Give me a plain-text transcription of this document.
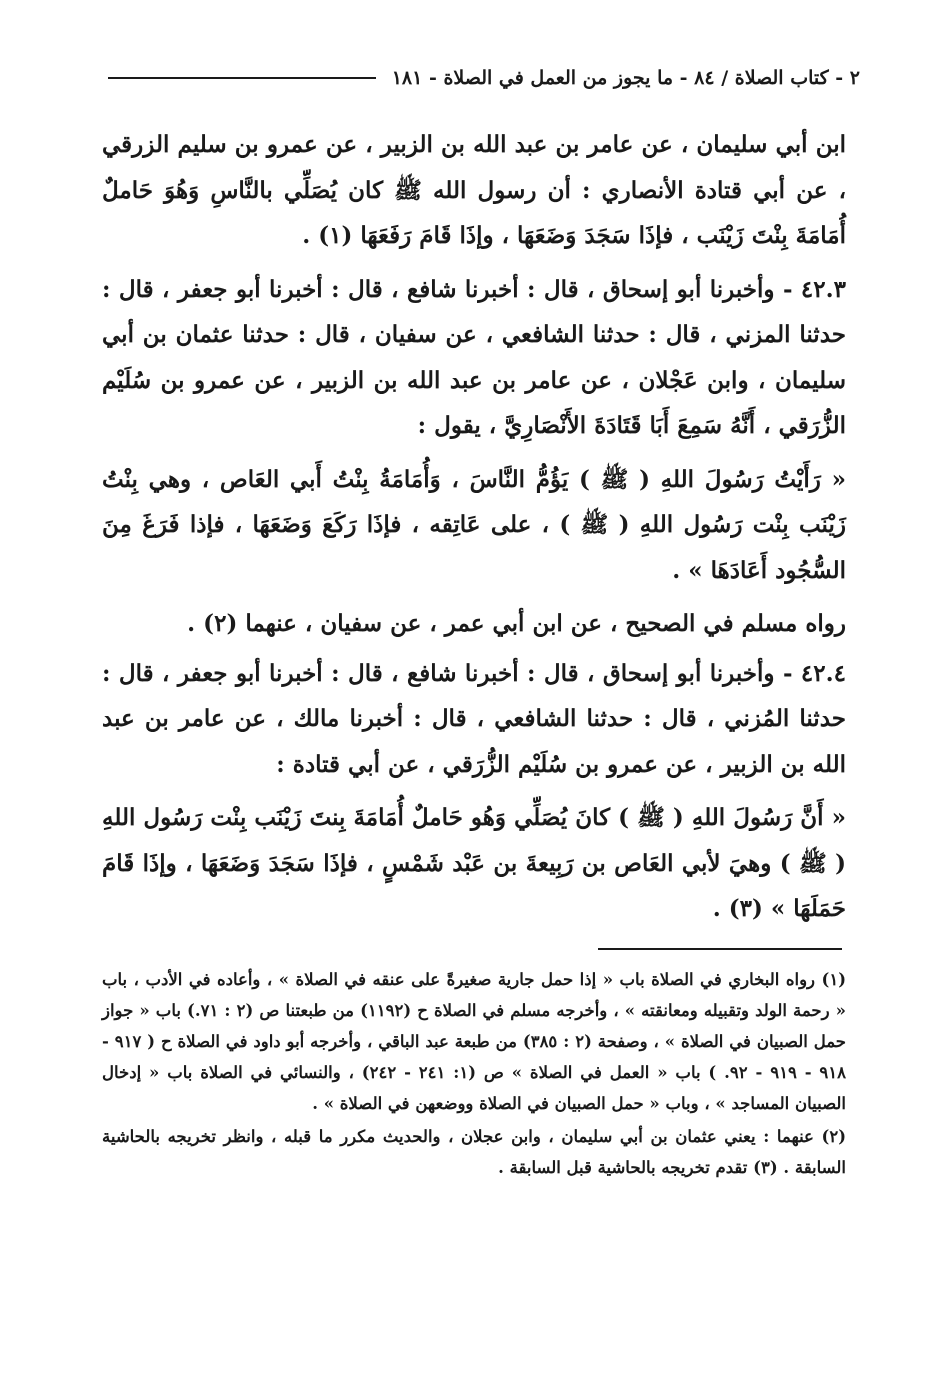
٢ - كتاب الصلاة / ٨٤ - ما يجوز من العمل في الصلاة - ١٨١

ابن أبي سليمان ، عن عامر بن عبد الله بن الزبير ، عن عمرو بن سليم الزرقي ، عن أبي قتادة الأنصاري : أن رسول الله ﷺ كان يُصَلِّي بالنَّاسِ وَهُوَ حَاملٌ أُمَامَةَ بِنْتَ زَيْنَب ، فإذَا سَجَدَ وَضَعَهَا ، وإذَا قَامَ رَفَعَهَا (١) .

٤٢.٣ - وأخبرنا أبو إسحاق ، قال : أخبرنا شافع ، قال : أخبرنا أبو جعفر ، قال : حدثنا المزني ، قال : حدثنا الشافعي ، عن سفيان ، قال : حدثنا عثمان بن أبي سليمان ، وابن عَجْلان ، عن عامر بن عبد الله بن الزبير ، عن عمرو بن سُلَيْم الزُّرَقي ، أَنَّهُ سَمِعَ أَبَا قَتَادَةَ الأَنْصَارِيَّ ، يقول :

« رَأَيْتُ رَسُولَ اللهِ ( ﷺ ) يَؤُمُّ النَّاسَ ، وَأُمَامَةُ بِنْتُ أَبي العَاص ، وهي بِنْتُ زَيْنَب بِنْت رَسُول اللهِ ( ﷺ ) ، على عَاتِقه ، فإذَا رَكَعَ وَضَعَهَا ، فإذا فَرَغَ مِنَ السُّجُود أَعَادَهَا » .

رواه مسلم في الصحيح ، عن ابن أبي عمر ، عن سفيان ، عنهما (٢) .

٤٢.٤ - وأخبرنا أبو إسحاق ، قال : أخبرنا شافع ، قال : أخبرنا أبو جعفر ، قال : حدثنا المُزني ، قال : حدثنا الشافعي ، قال : أخبرنا مالك ، عن عامر بن عبد الله بن الزبير ، عن عمرو بن سُلَيْم الزُّرَقي ، عن أبي قتادة :

« أَنَّ رَسُولَ اللهِ ( ﷺ ) كانَ يُصَلِّي وَهُو حَاملٌ أُمَامَةَ بِنتَ زَيْنَب بِنْت رَسُول اللهِ ( ﷺ ) وهيَ لأبي العَاص بن رَبِيعةَ بن عَبْد شَمْسٍ ، فإذَا سَجَدَ وَضَعَهَا ، وإذَا قَامَ حَمَلَهَا » (٣) .

(١) رواه البخاري في الصلاة باب « إذا حمل جارية صغيرةً على عنقه في الصلاة » ، وأعاده في الأدب ، باب « رحمة الولد وتقبيله ومعانقته » ، وأخرجه مسلم في الصلاة ح (١١٩٢) من طبعتنا ص (٢ : ٧١.) باب « جواز حمل الصبيان في الصلاة » ، وصفحة (٢ : ٣٨٥) من طبعة عبد الباقي ، وأخرجه أبو داود في الصلاة ح ( ٩١٧ - ٩١٨ - ٩١٩ - ٩٢. ) باب « العمل في الصلاة » ص (١: ٢٤١ - ٢٤٢) ، والنسائي في الصلاة باب « إدخال الصبيان المساجد » ، وباب « حمل الصبيان في الصلاة ووضعهن في الصلاة » .

(٢) عنهما : يعني عثمان بن أبي سليمان ، وابن عجلان ، والحديث مكرر ما قبله ، وانظر تخريجه بالحاشية السابقة . (٣) تقدم تخريجه بالحاشية قبل السابقة .
